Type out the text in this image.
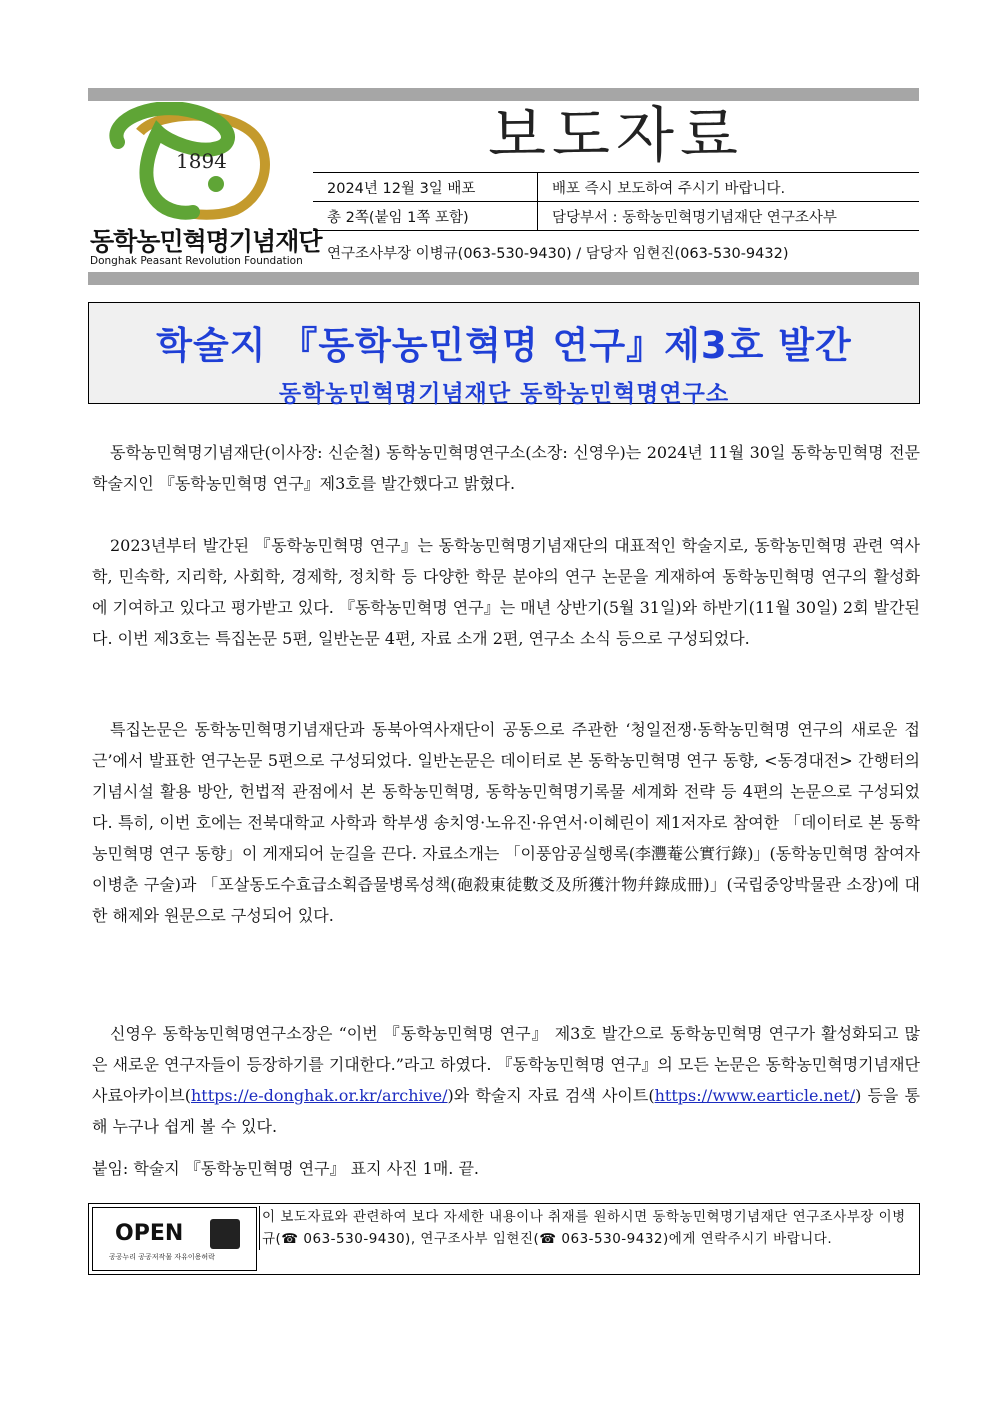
1894
동학농민혁명기념재단
Donghak Peasant Revolution Foundation
보도자료
2024년 12월 3일 배포	배포 즉시 보도하여 주시기 바랍니다.
총 2쪽(붙임 1쪽 포함)	담당부서 : 동학농민혁명기념재단 연구조사부
연구조사부장 이병규(063-530-9430) / 담당자 임현진(063-530-9432)	
학술지 『동학농민혁명 연구』제3호 발간
동학농민혁명기념재단 동학농민혁명연구소

동학농민혁명기념재단(이사장: 신순철) 동학농민혁명연구소(소장: 신영우)는 2024년 11월 30일 동학농민혁명 전문학술지인 『동학농민혁명 연구』제3호를 발간했다고 밝혔다.

2023년부터 발간된 『동학농민혁명 연구』는 동학농민혁명기념재단의 대표적인 학술지로, 동학농민혁명 관련 역사학, 민속학, 지리학, 사회학, 경제학, 정치학 등 다양한 학문 분야의 연구 논문을 게재하여 동학농민혁명 연구의 활성화에 기여하고 있다고 평가받고 있다. 『동학농민혁명 연구』는 매년 상반기(5월 31일)와 하반기(11월 30일) 2회 발간된다. 이번 제3호는 특집논문 5편, 일반논문 4편, 자료 소개 2편, 연구소 소식 등으로 구성되었다.

특집논문은 동학농민혁명기념재단과 동북아역사재단이 공동으로 주관한 ‘청일전쟁·동학농민혁명 연구의 새로운 접근’에서 발표한 연구논문 5편으로 구성되었다. 일반논문은 데이터로 본 동학농민혁명 연구 동향, <동경대전> 간행터의 기념시설 활용 방안, 헌법적 관점에서 본 동학농민혁명, 동학농민혁명기록물 세계화 전략 등 4편의 논문으로 구성되었다. 특히, 이번 호에는 전북대학교 사학과 학부생 송치영·노유진·유연서·이혜린이 제1저자로 참여한 「데이터로 본 동학농민혁명 연구 동향」이 게재되어 눈길을 끈다. 자료소개는 「이풍암공실행록(李灃菴公實行錄)」(동학농민혁명 참여자 이병춘 구술)과 「포살동도수효급소획즙물병록성책(砲殺東徒數爻及所獲汁物幷錄成冊)」(국립중앙박물관 소장)에 대한 해제와 원문으로 구성되어 있다.

신영우 동학농민혁명연구소장은 “이번 『동학농민혁명 연구』 제3호 발간으로 동학농민혁명 연구가 활성화되고 많은 새로운 연구자들이 등장하기를 기대한다.”라고 하였다. 『동학농민혁명 연구』의 모든 논문은 동학농민혁명기념재단 사료아카이브(https://e-donghak.or.kr/archive/)와 학술지 자료 검색 사이트(https://www.earticle.net/) 등을 통해 누구나 쉽게 볼 수 있다.

붙임: 학술지 『동학농민혁명 연구』 표지 사진 1매. 끝.

OPEN
공공누리 공공저작물 자유이용허락
이 보도자료와 관련하여 보다 자세한 내용이나 취재를 원하시면 동학농민혁명기념재단 연구조사부장 이병규(☎ 063-530-9430), 연구조사부 임현진(☎ 063-530-9432)에게 연락주시기 바랍니다.
